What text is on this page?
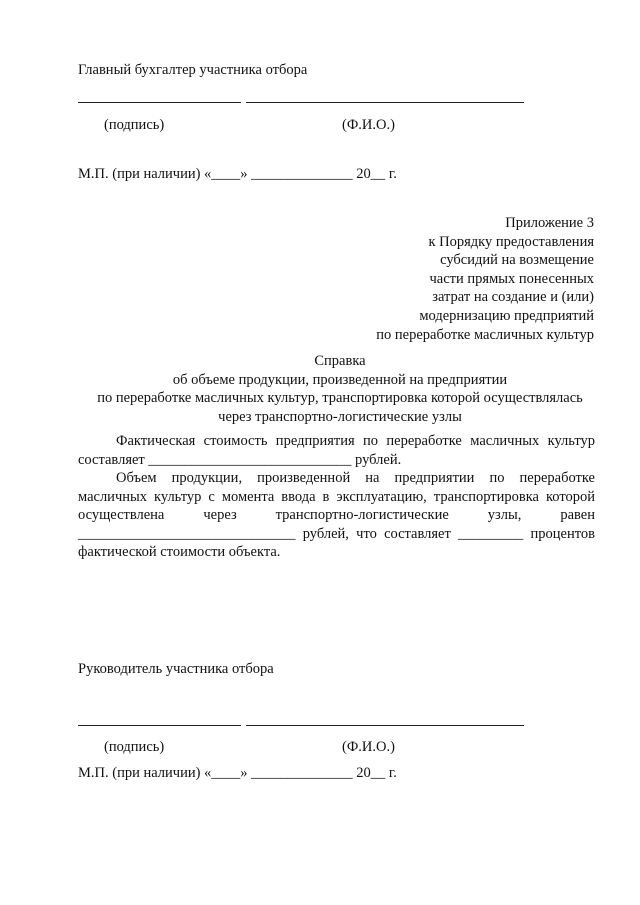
Главный бухгалтер участника отбора
(подпись)	(Ф.И.О.)
М.П. (при наличии) «____» ______________ 20__ г.
Приложение 3
к Порядку предоставления
субсидий на возмещение
части прямых понесенных
затрат на создание и (или)
модернизацию предприятий
по переработке масличных культур
Справка
об объеме продукции, произведенной на предприятии
по переработке масличных культур, транспортировка которой осуществлялась
через транспортно-логистические узлы
Фактическая стоимость предприятия по переработке масличных культур составляет ____________________________ рублей.
Объем продукции, произведенной на предприятии по переработке масличных культур с момента ввода в эксплуатацию, транспортировка которой осуществлена через транспортно-логистические узлы, равен ______________________________ рублей, что составляет _________ процентов фактической стоимости объекта.
Руководитель участника отбора
(подпись)	(Ф.И.О.)
М.П. (при наличии) «____» ______________ 20__ г.
